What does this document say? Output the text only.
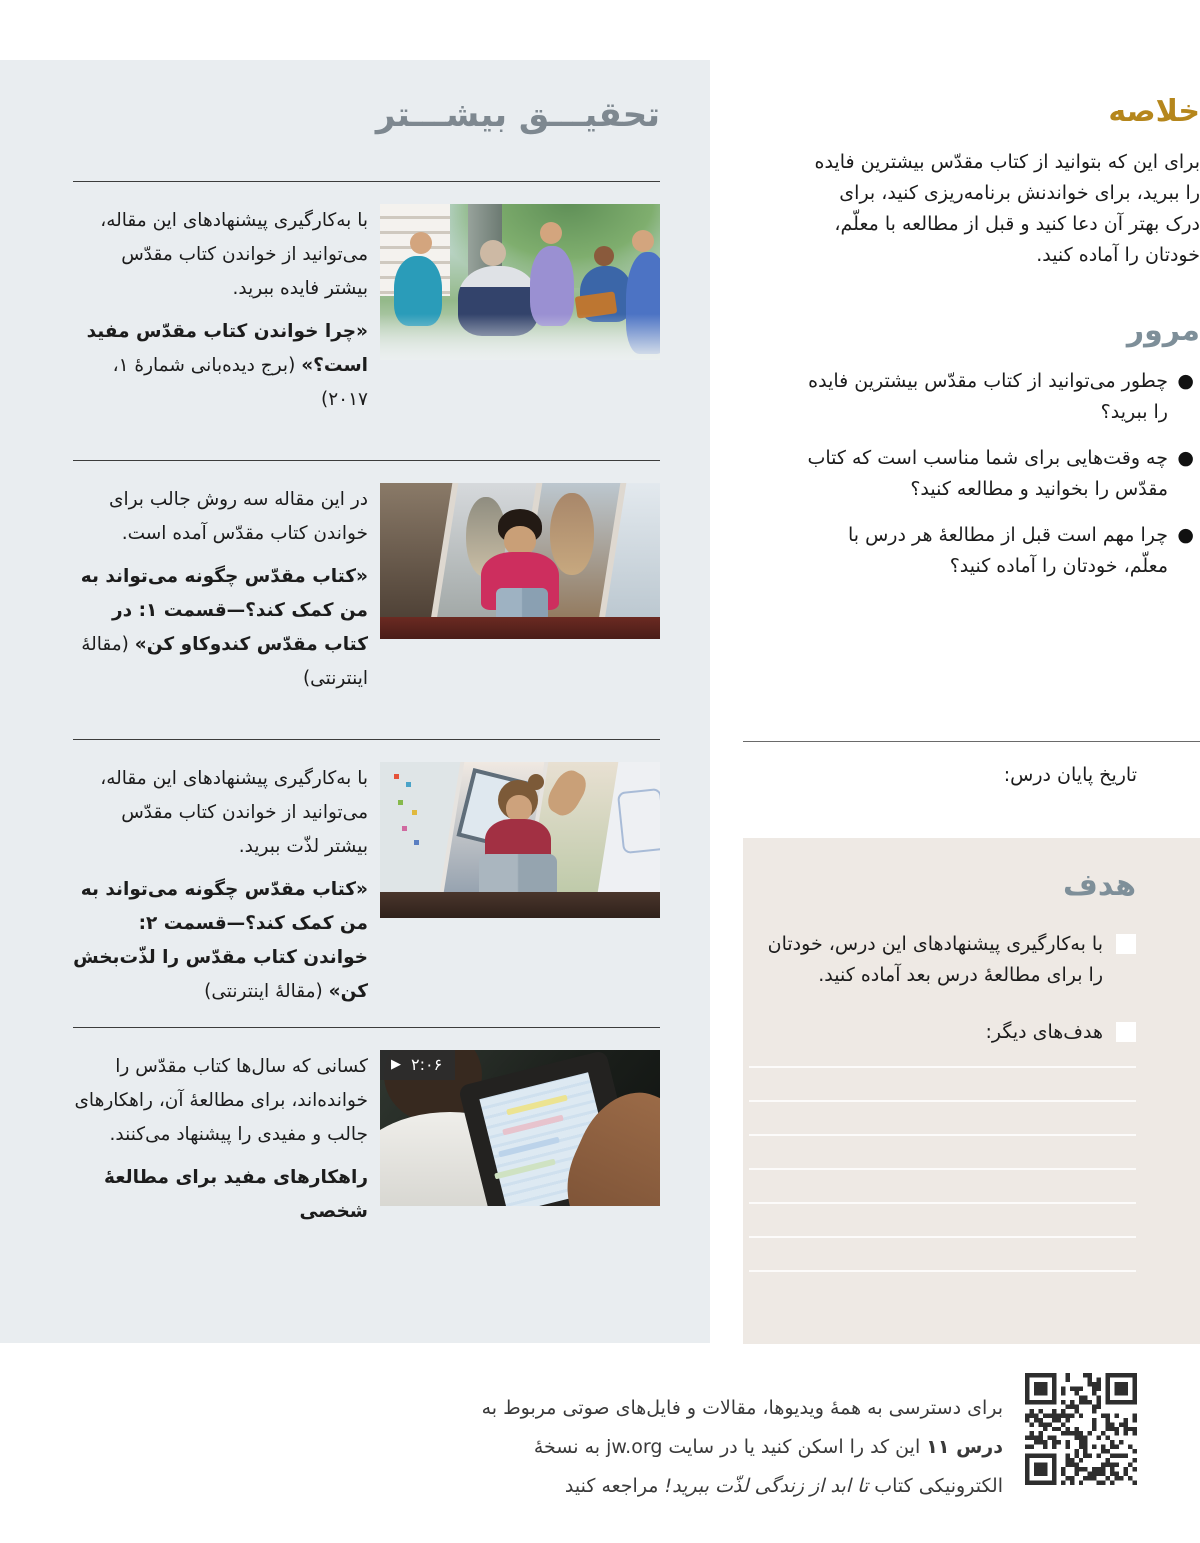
تحقیـــق بیشـــتر

با به‌کارگیری پیشنهادهای این مقاله، می‌توانید از خواندن کتاب مقدّس بیشتر فایده ببرید.

«چرا خواندن کتاب مقدّس مفید است؟» (برج دیده‌بانی شمارهٔ ۱، ۲۰۱۷)

در این مقاله سه روش جالب برای خواندن کتاب مقدّس آمده است.

«کتاب مقدّس چگونه می‌تواند به من کمک کند؟—قسمت ۱: در کتاب مقدّس کندوکاو کن» (مقالهٔ اینترنتی)

با به‌کارگیری پیشنهادهای این مقاله، می‌توانید از خواندن کتاب مقدّس بیشتر لذّت ببرید.

«کتاب مقدّس چگونه می‌تواند به من کمک کند؟—قسمت ۲: خواندن کتاب مقدّس را لذّت‌بخش کن» (مقالهٔ اینترنتی)

▶ ۲:۰۶

کسانی که سال‌ها کتاب مقدّس را خوانده‌اند، برای مطالعهٔ آن، راهکارهای جالب و مفیدی را پیشنهاد می‌کنند.

راهکارهای مفید برای مطالعهٔ شخصی

خلاصه

برای این که بتوانید از کتاب مقدّس بیشترین فایده را ببرید، برای خواندنش برنامه‌ریزی کنید، برای درک بهتر آن دعا کنید و قبل از مطالعه با معلّم، خودتان را آماده کنید.

مرور
●
چطور می‌توانید از کتاب مقدّس بیشترین فایده را ببرید؟
●
چه وقت‌هایی برای شما مناسب است که کتاب مقدّس را بخوانید و مطالعه کنید؟
●
چرا مهم است قبل از مطالعهٔ هر درس با معلّم، خودتان را آماده کنید؟

تاریخ پایان درس:

هدف
با به‌کارگیری پیشنهادهای این درس، خودتان را برای مطالعهٔ درس بعد آماده کنید.
هدف‌های دیگر:

برای دسترسی به همهٔ ویدیوها، مقالات و فایل‌های صوتی مربوط به درس ۱۱ این کد را اسکن کنید یا در سایت jw.org به نسخهٔ الکترونیکی کتاب تا ابد از زندگی لذّت ببرید! مراجعه کنید
